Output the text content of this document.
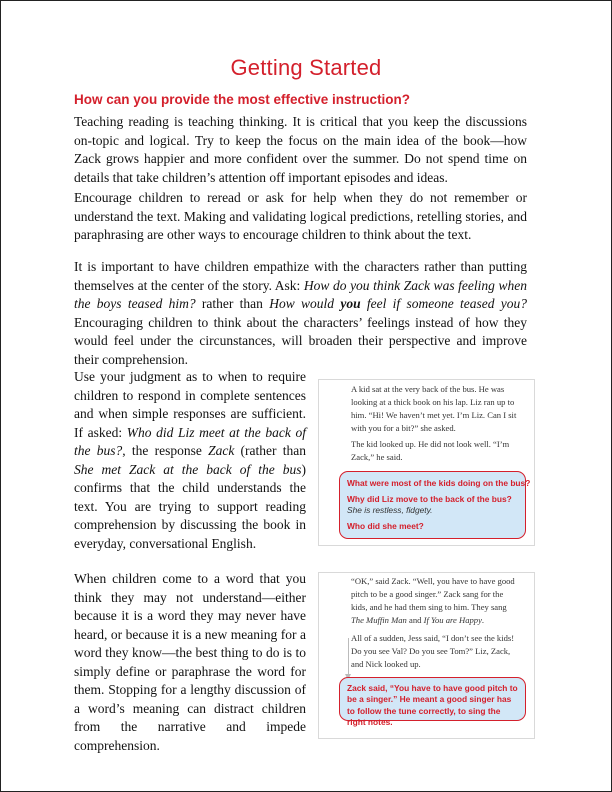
Getting Started
How can you provide the most effective instruction?

Teaching reading is teaching thinking. It is critical that you keep the discussions on-topic and logical. Try to keep the focus on the main idea of the book—how Zack grows happier and more confident over the summer. Do not spend time on details that take children’s attention off important episodes and ideas.

Encourage children to reread or ask for help when they do not remember or understand the text. Making and validating logical predictions, retelling stories, and paraphrasing are other ways to encourage children to think about the text.

It is important to have children empathize with the characters rather than putting themselves at the center of the story. Ask: How do you think Zack was feeling when the boys teased him? rather than How would you feel if someone teased you? Encouraging children to think about the characters’ feelings instead of how they would feel under the circunstances, will broaden their perspective and improve their comprehension.

Use your judgment as to when to require children to respond in complete sentences and when simple responses are sufficient. If asked: Who did Liz meet at the back of the bus?, the response Zack (rather than She met Zack at the back of the bus) confirms that the child understands the text. You are trying to support reading comprehension by discussing the book in everyday, conversational English.

When children come to a word that you think they may not understand—either because it is a word they may never have heard, or because it is a new meaning for a word they know—the best thing to do is to simply define or paraphrase the word for them. Stopping for a lengthy discussion of a word’s meaning can distract children from the narrative and impede comprehension.

A kid sat at the very back of the bus. He was looking at a thick book on his lap. Liz ran up to him. “Hi! We haven’t met yet. I’m Liz. Can I sit with you for a bit?” she asked.

The kid looked up. He did not look well. “I’m Zack,” he said.

What were most of the kids doing on the bus?
Why did Liz move to the back of the bus?
She is restless, fidgety.
Who did she meet?

“OK,” said Zack. “Well, you have to have good pitch to be a good singer.” Zack sang for the kids, and he had them sing to him. They sang The Muffin Man and If You are Happy.

All of a sudden, Jess said, “I don’t see the kids! Do you see Val? Do you see Tom?” Liz, Zack, and Nick looked up.

Zack said, “You have to have good pitch to be a singer.” He meant a good singer has to follow the tune correctly, to sing the right notes.
